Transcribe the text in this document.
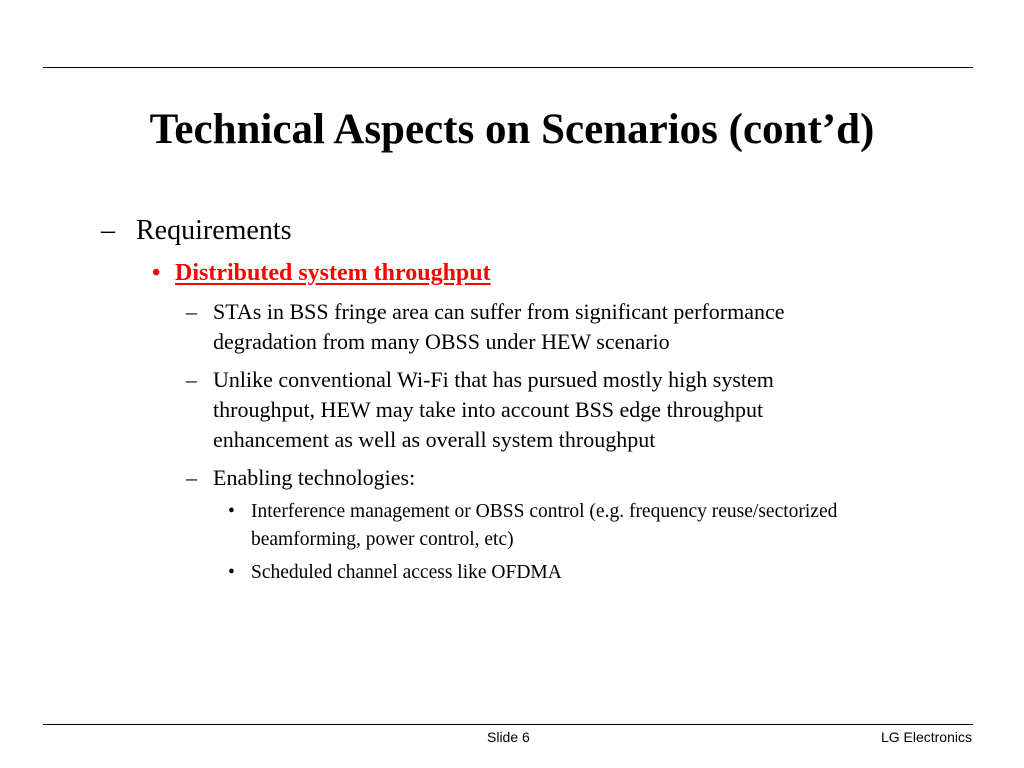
Technical Aspects on Scenarios (cont’d)
– Requirements
• Distributed system throughput
– STAs in BSS fringe area can suffer from significant performance
degradation from many OBSS under HEW scenario
– Unlike conventional Wi-Fi that has pursued mostly high system
throughput, HEW may take into account BSS edge throughput
enhancement as well as overall system throughput
– Enabling technologies:
• Interference management or OBSS control (e.g. frequency reuse/sectorized
beamforming, power control, etc)
• Scheduled channel access like OFDMA
Slide 6	LG Electronics
